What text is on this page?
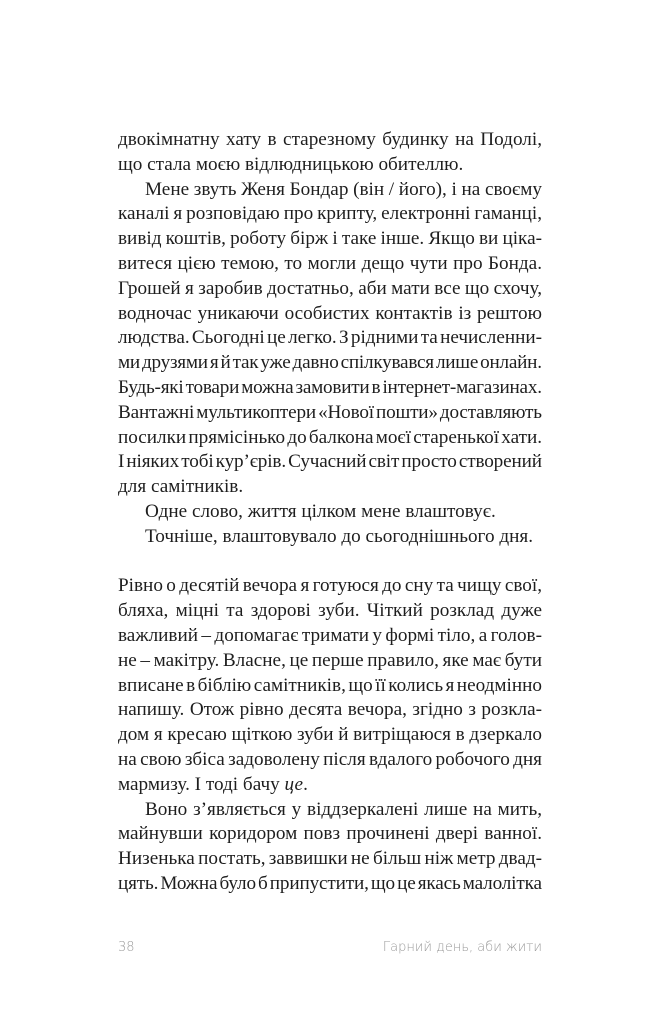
двокімнатну хату в старезному будинку на Подолі,
що стала моєю відлюдницькою обителлю.
Мене звуть Женя Бондар (він / його), і на своєму
каналі я розповідаю про крипту, електронні гаманці,
вивід коштів, роботу бірж і таке інше. Якщо ви ціка-
витеся цією темою, то могли дещо чути про Бонда.
Грошей я заробив достатньо, аби мати все що схочу,
водночас уникаючи особистих контактів із рештою
людства. Сьогодні це легко. З рідними та нечисленни-
ми друзями я й так уже давно спілкувався лише онлайн.
Будь-які товари можна замовити в інтернет-магазинах.
Вантажні мультикоптери «Нової пошти» доставляють
посилки прямісінько до балкона моєї старенької хати.
І ніяких тобі кур’єрів. Сучасний світ просто створений
для самітників.
Одне слово, життя цілком мене влаштовує.
Точніше, влаштовувало до сьогоднішнього дня.
Рівно о десятій вечора я готуюся до сну та чищу свої,
бляха, міцні та здорові зуби. Чіткий розклад дуже
важливий – допомагає тримати у формі тіло, а голов-
не – макітру. Власне, це перше правило, яке має бути
вписане в біблію самітників, що її колись я неодмінно
напишу. Отож рівно десята вечора, згідно з розкла-
дом я кресаю щіткою зуби й витріщаюся в дзеркало
на свою збіса задоволену після вдалого робочого дня
мармизу. І тоді бачу це.
Воно з’являється у віддзеркалені лише на мить,
майнувши коридором повз прочинені двері ванної.
Низенька постать, заввишки не більш ніж метр двад-
цять. Можна було б припустити, що це якась малолітка
38	Гарний день, аби жити
